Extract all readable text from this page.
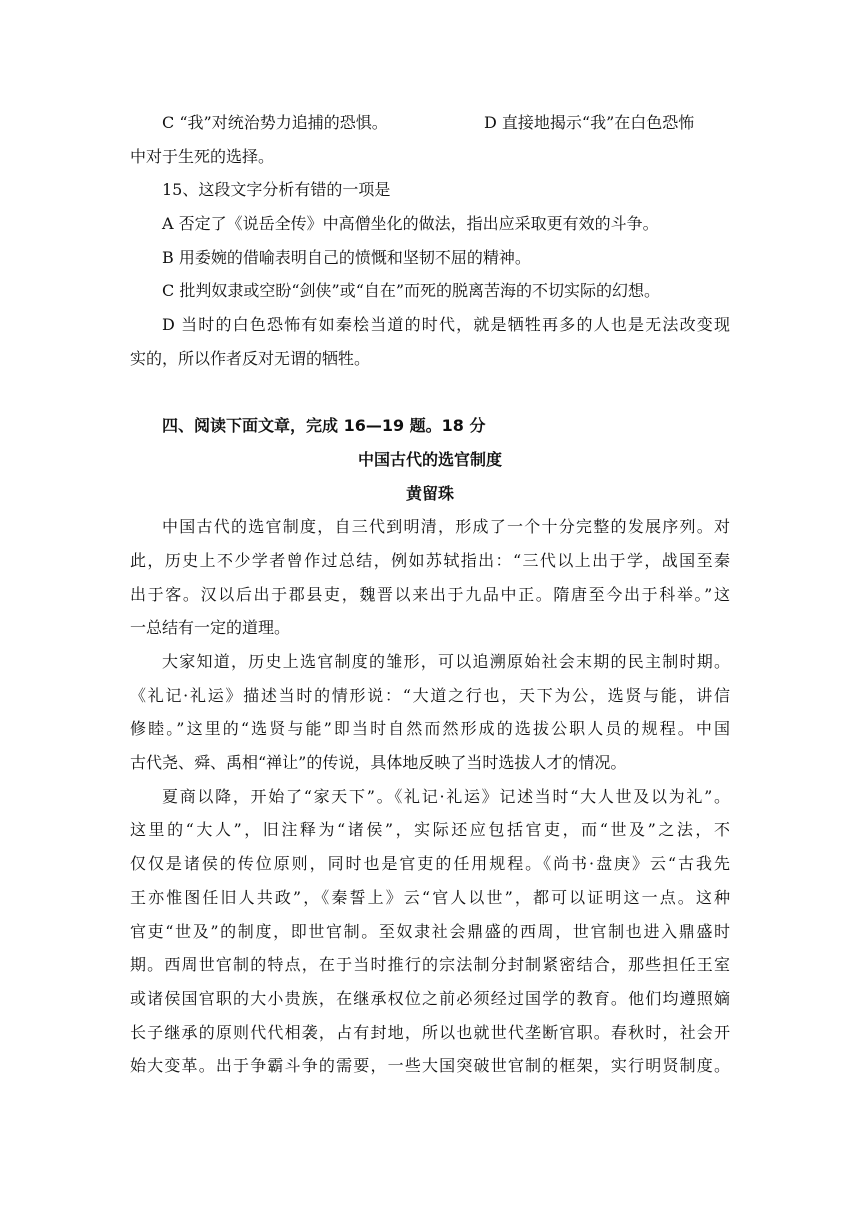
C “我”对统治势力追捕的恐惧。	D 直接地揭示“我”在白色恐怖
中对于生死的选择。
15、这段文字分析有错的一项是
A 否定了《说岳全传》中高僧坐化的做法，指出应采取更有效的斗争。
B 用委婉的借喻表明自己的愤慨和坚韧不屈的精神。
C 批判奴隶或空盼“剑侠”或“自在”而死的脱离苦海的不切实际的幻想。
D 当时的白色恐怖有如秦桧当道的时代，就是牺牲再多的人也是无法改变现
实的，所以作者反对无谓的牺牲。
四、阅读下面文章，完成 16—19 题。18 分
中国古代的选官制度
黄留珠
中国古代的选官制度，自三代到明清，形成了一个十分完整的发展序列。对
此，历史上不少学者曾作过总结，例如苏轼指出：“三代以上出于学，战国至秦
出于客。汉以后出于郡县吏，魏晋以来出于九品中正。隋唐至今出于科举。”这
一总结有一定的道理。
大家知道，历史上选官制度的雏形，可以追溯原始社会末期的民主制时期。
《礼记·礼运》描述当时的情形说：“大道之行也，天下为公，选贤与能，讲信
修睦。”这里的“选贤与能”即当时自然而然形成的选拔公职人员的规程。中国
古代尧、舜、禹相“禅让”的传说，具体地反映了当时选拔人才的情况。
夏商以降，开始了“家天下”。《礼记·礼运》记述当时“大人世及以为礼”。
这里的“大人”，旧注释为“诸侯”，实际还应包括官吏，而“世及”之法，不
仅仅是诸侯的传位原则，同时也是官吏的任用规程。《尚书·盘庚》云“古我先
王亦惟图任旧人共政”，《秦誓上》云“官人以世”，都可以证明这一点。这种
官吏“世及”的制度，即世官制。至奴隶社会鼎盛的西周，世官制也进入鼎盛时
期。西周世官制的特点，在于当时推行的宗法制分封制紧密结合，那些担任王室
或诸侯国官职的大小贵族，在继承权位之前必须经过国学的教育。他们均遵照嫡
长子继承的原则代代相袭，占有封地，所以也就世代垄断官职。春秋时，社会开
始大变革。出于争霸斗争的需要，一些大国突破世官制的框架，实行明贤制度。
